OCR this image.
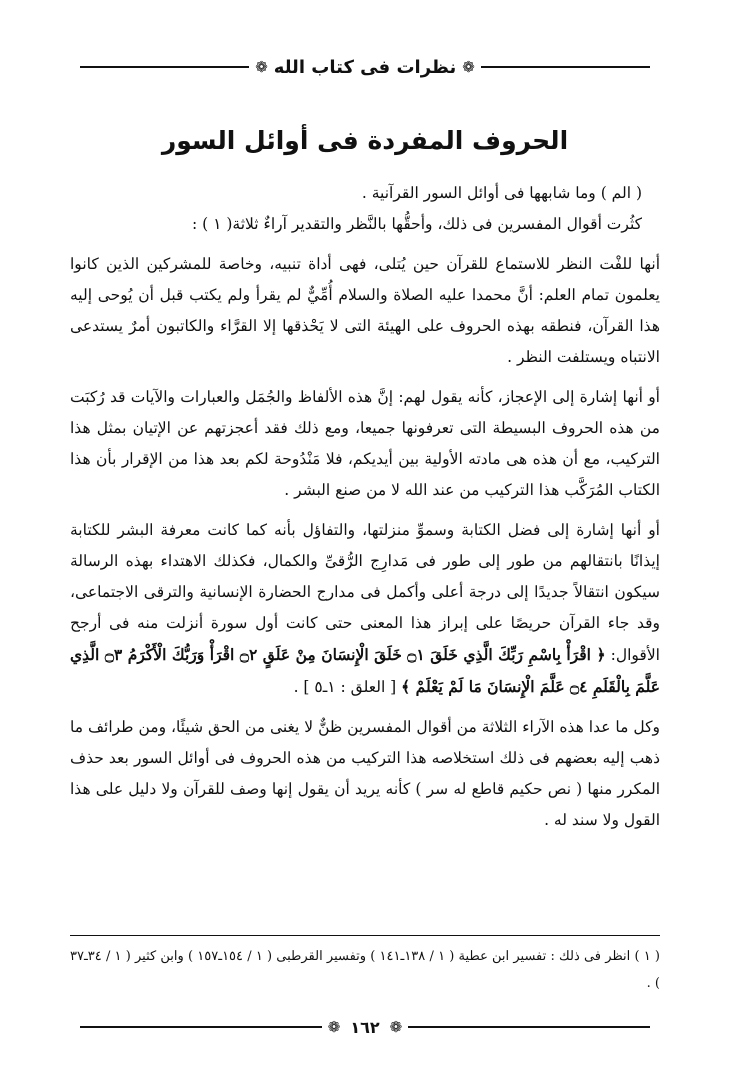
❁
نظرات فى كتاب الله
❁
الحروف المفردة فى أوائل السور

( الم ) وما شابهها فى أوائل السور القرآنية .

كثُرت أقوال المفسرين فى ذلك، وأحقُّها بالنَّظر والتقدير آراءٌ ثلاثة( ١ ) :

أنها للفْت النظر للاستماع للقرآن حين يُتلى، فهى أداة تنبيه، وخاصة للمشركين الذين كانوا يعلمون تمام العلم: أنَّ محمدا عليه الصلاة والسلام أُمِّيٌّ لم يقرأ ولم يكتب قبل أن يُوحى إليه هذا القرآن، فنطقه بهذه الحروف على الهيئة التى لا يَحْذقها إلا القرَّاء والكاتبون أمرٌ يستدعى الانتباه ويستلفت النظر .

أو أنها إشارة إلى الإعجاز، كأنه يقول لهم: إنَّ هذه الألفاظ والجُمَل والعبارات والآيات قد رُكبَت من هذه الحروف البسيطة التى تعرفونها جميعا، ومع ذلك فقد أعجزتهم عن الإتيان بمثل هذا التركيب، مع أن هذه هى مادته الأولية بين أيديكم، فلا مَنْدُوحة لكم بعد هذا من الإقرار بأن هذا الكتاب المُرَكَّب هذا التركيب من عند الله لا من صنع البشر .

أو أنها إشارة إلى فضل الكتابة وسموِّ منزلتها، والتفاؤل بأنه كما كانت معرفة البشر للكتابة إيذانًا بانتقالهم من طور إلى طور فى مَدارِج الرُّقىِّ والكمال، فكذلك الاهتداء بهذه الرسالة سيكون انتقالاً جديدًا إلى درجة أعلى وأكمل فى مدارج الحضارة الإنسانية والترقى الاجتماعى، وقد جاء القرآن حريصًا على إبراز هذا المعنى حتى كانت أول سورة أنزلت منه فى أرجح الأقوال: ﴿ اقْرَأْ بِاسْمِ رَبِّكَ الَّذِي خَلَقَ ۝١ خَلَقَ الْإِنسَانَ مِنْ عَلَقٍ ۝٢ اقْرَأْ وَرَبُّكَ الْأَكْرَمُ ۝٣ الَّذِي عَلَّمَ بِالْقَلَمِ ۝٤ عَلَّمَ الْإِنسَانَ مَا لَمْ يَعْلَمْ ﴾ [ العلق : ١ـ٥ ] .

وكل ما عدا هذه الآراء الثلاثة من أقوال المفسرين ظنٌّ لا يغنى من الحق شيئًا، ومن طرائف ما ذهب إليه بعضهم فى ذلك استخلاصه هذا التركيب من هذه الحروف فى أوائل السور بعد حذف المكرر منها ( نص حكيم قاطع له سر ) كأنه يريد أن يقول إنها وصف للقرآن ولا دليل على هذا القول ولا سند له .

( ١ ) انظر فى ذلك : تفسير ابن عطية ( ١ / ١٣٨ـ١٤١ ) وتفسير القرطبى ( ١ / ١٥٤ـ١٥٧ ) وابن كثير ( ١ / ٣٤ـ٣٧ ) .
❁
١٦٢
❁
